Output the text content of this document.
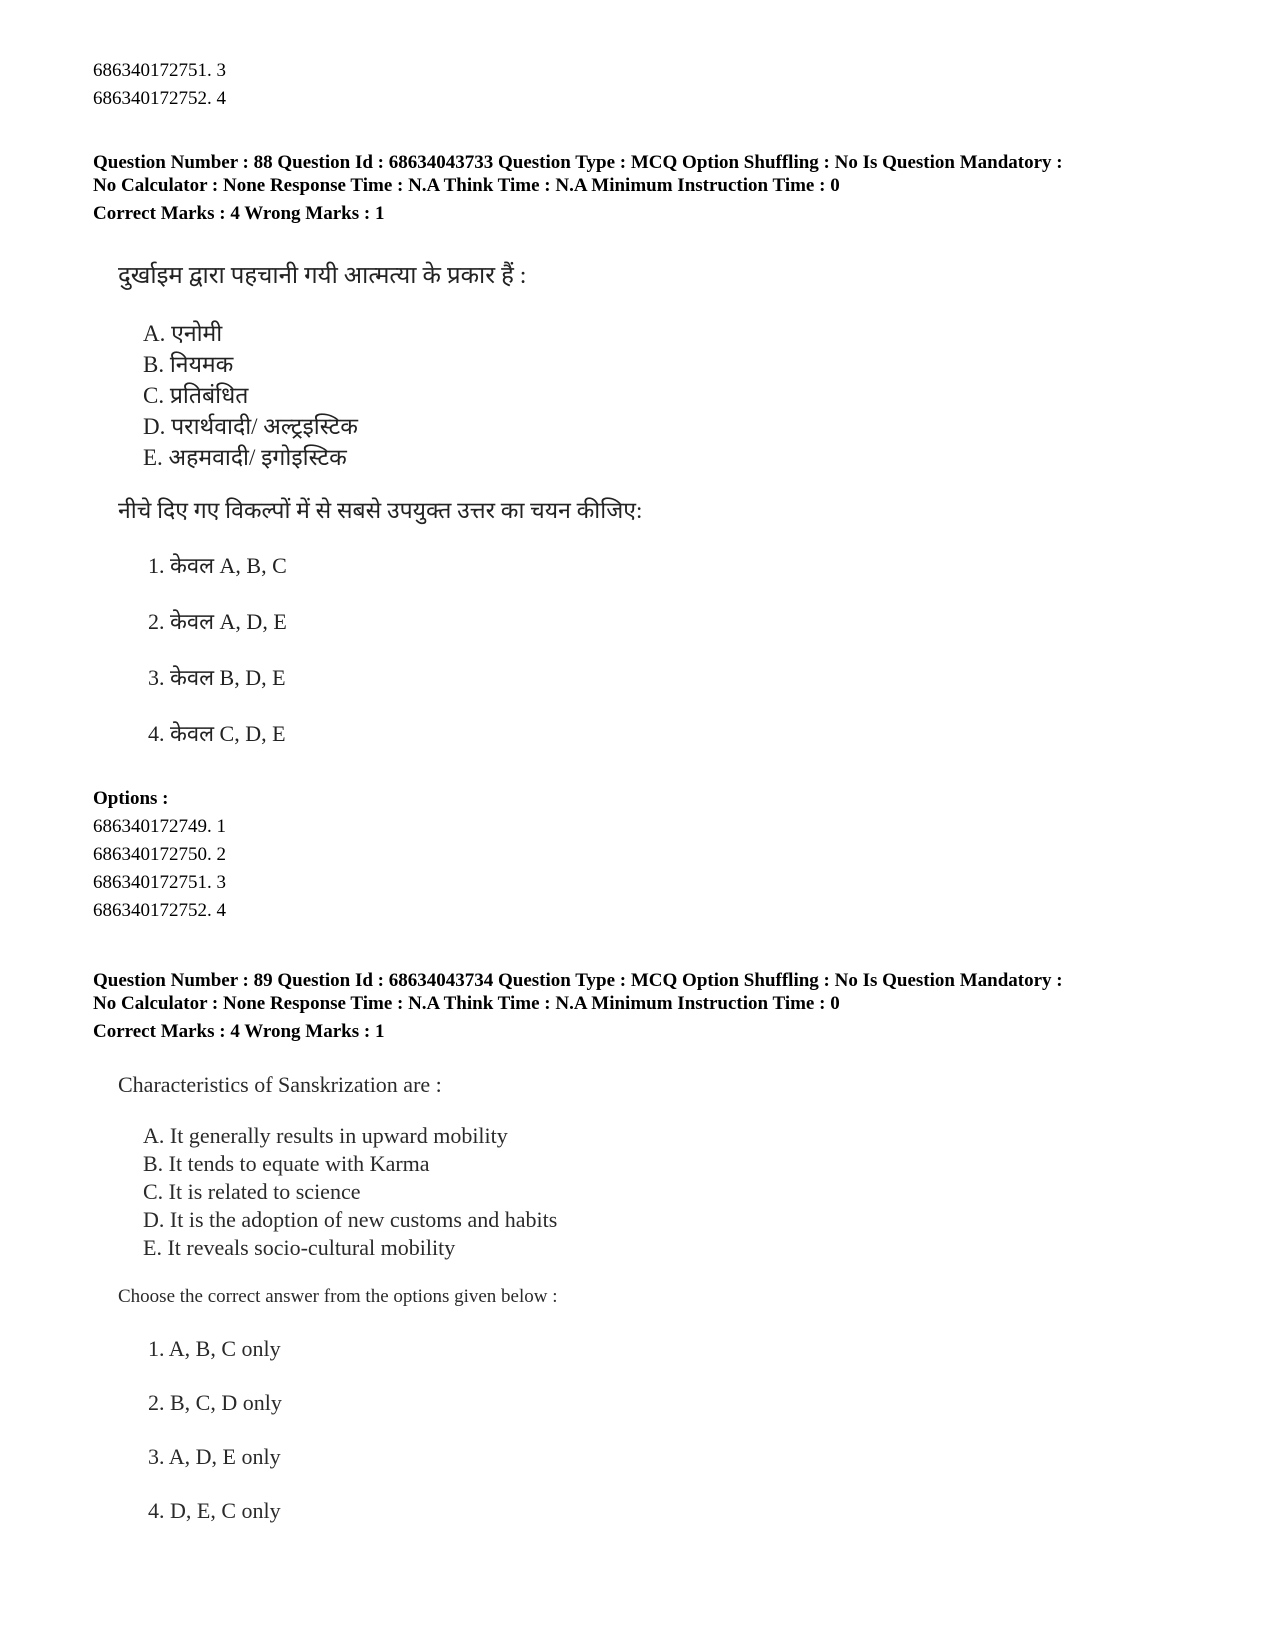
686340172751. 3
686340172752. 4
Question Number : 88 Question Id : 68634043733 Question Type : MCQ Option Shuffling : No Is Question Mandatory :
No Calculator : None Response Time : N.A Think Time : N.A Minimum Instruction Time : 0
Correct Marks : 4 Wrong Marks : 1
दुर्खाइम द्वारा पहचानी गयी आत्मत्या के प्रकार हैं :
A. एनोमी
B. नियमक
C. प्रतिबंधित
D. परार्थवादी/ अल्ट्रइस्टिक
E. अहमवादी/ इगोइस्टिक
नीचे दिए गए विकल्पों में से सबसे उपयुक्त उत्तर का चयन कीजिए:
1. केवल A, B, C
2. केवल A, D, E
3. केवल B, D, E
4. केवल C, D, E
Options :
686340172749. 1
686340172750. 2
686340172751. 3
686340172752. 4
Question Number : 89 Question Id : 68634043734 Question Type : MCQ Option Shuffling : No Is Question Mandatory :
No Calculator : None Response Time : N.A Think Time : N.A Minimum Instruction Time : 0
Correct Marks : 4 Wrong Marks : 1
Characteristics of Sanskrization are :
A. It generally results in upward mobility
B. It tends to equate with Karma
C. It is related to science
D. It is the adoption of new customs and habits
E. It reveals socio-cultural mobility
Choose the correct answer from the options given below :
1. A, B, C only
2. B, C, D only
3. A, D, E only
4. D, E, C only
